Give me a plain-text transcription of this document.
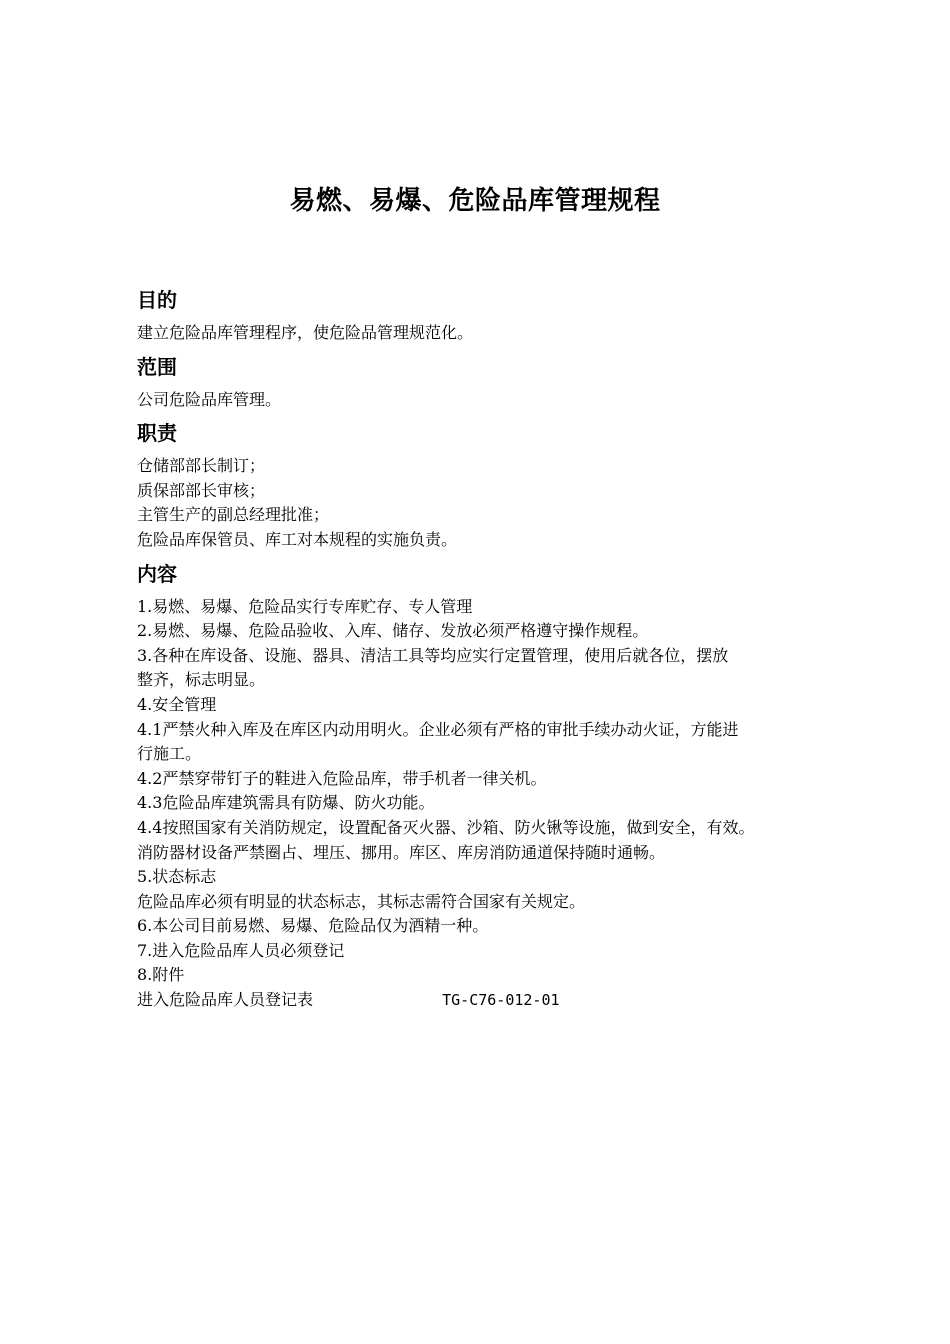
易燃、易爆、危险品库管理规程
目的

建立危险品库管理程序，使危险品管理规范化。

范围

公司危险品库管理。

职责

仓储部部长制订；

质保部部长审核；

主管生产的副总经理批准；

危险品库保管员、库工对本规程的实施负责。

内容

1.易燃、易爆、危险品实行专库贮存、专人管理

2.易燃、易爆、危险品验收、入库、储存、发放必须严格遵守操作规程。

3.各种在库设备、设施、器具、清洁工具等均应实行定置管理，使用后就各位，摆放

整齐，标志明显。

4.安全管理

4.1严禁火种入库及在库区内动用明火。企业必须有严格的审批手续办动火证，方能进

行施工。

4.2严禁穿带钉子的鞋进入危险品库，带手机者一律关机。

4.3危险品库建筑需具有防爆、防火功能。

4.4按照国家有关消防规定，设置配备灭火器、沙箱、防火锹等设施，做到安全，有效。

消防器材设备严禁圈占、埋压、挪用。库区、库房消防通道保持随时通畅。

5.状态标志

危险品库必须有明显的状态标志，其标志需符合国家有关规定。

6.本公司目前易燃、易爆、危险品仅为酒精一种。

7.进入危险品库人员必须登记

8.附件

进入危险品库人员登记表	TG-C76-012-01
